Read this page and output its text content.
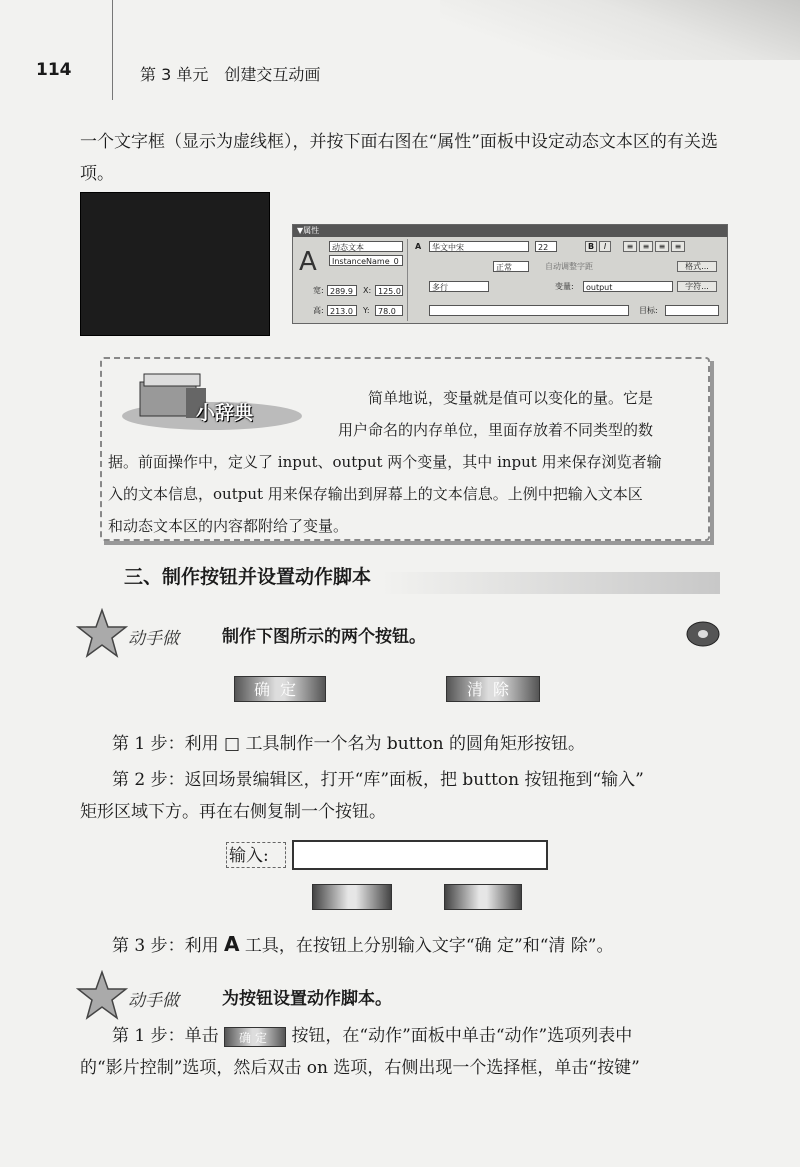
114	第 3 单元　创建交互动画
一个文字框（显示为虚线框），并按下面右图在“属性”面板中设定动态文本区的有关选项。
▼属性
A	动态文本
InstanceName_0
宽: 289.9	X: 125.0
高: 213.0	Y:	78.0
A	华文中宋	22	B	I	≡	≡	≡	≡
正常	自动调整字距	格式...
多行	变量:	output	字符...
目标:
小辞典
简单地说，变量就是值可以变化的量。它是
用户命名的内存单位，里面存放着不同类型的数
据。前面操作中，定义了 input、output 两个变量，其中 input 用来保存浏览者输
入的文本信息，output 用来保存输出到屏幕上的文本信息。上例中把输入文本区
和动态文本区的内容都附给了变量。
三、制作按钮并设置动作脚本
动手做	制作下图所示的两个按钮。
确定	清除
第 1 步：利用 □ 工具制作一个名为 button 的圆角矩形按钮。
第 2 步：返回场景编辑区，打开“库”面板，把 button 按钮拖到“输入”
矩形区域下方。再在右侧复制一个按钮。
输入:
第 3 步：利用 A 工具，在按钮上分别输入文字“确 定”和“清 除”。
动手做	为按钮设置动作脚本。
第 1 步：单击 确定 按钮，在“动作”面板中单击“动作”选项列表中
的“影片控制”选项，然后双击 on 选项，右侧出现一个选择框，单击“按键”
